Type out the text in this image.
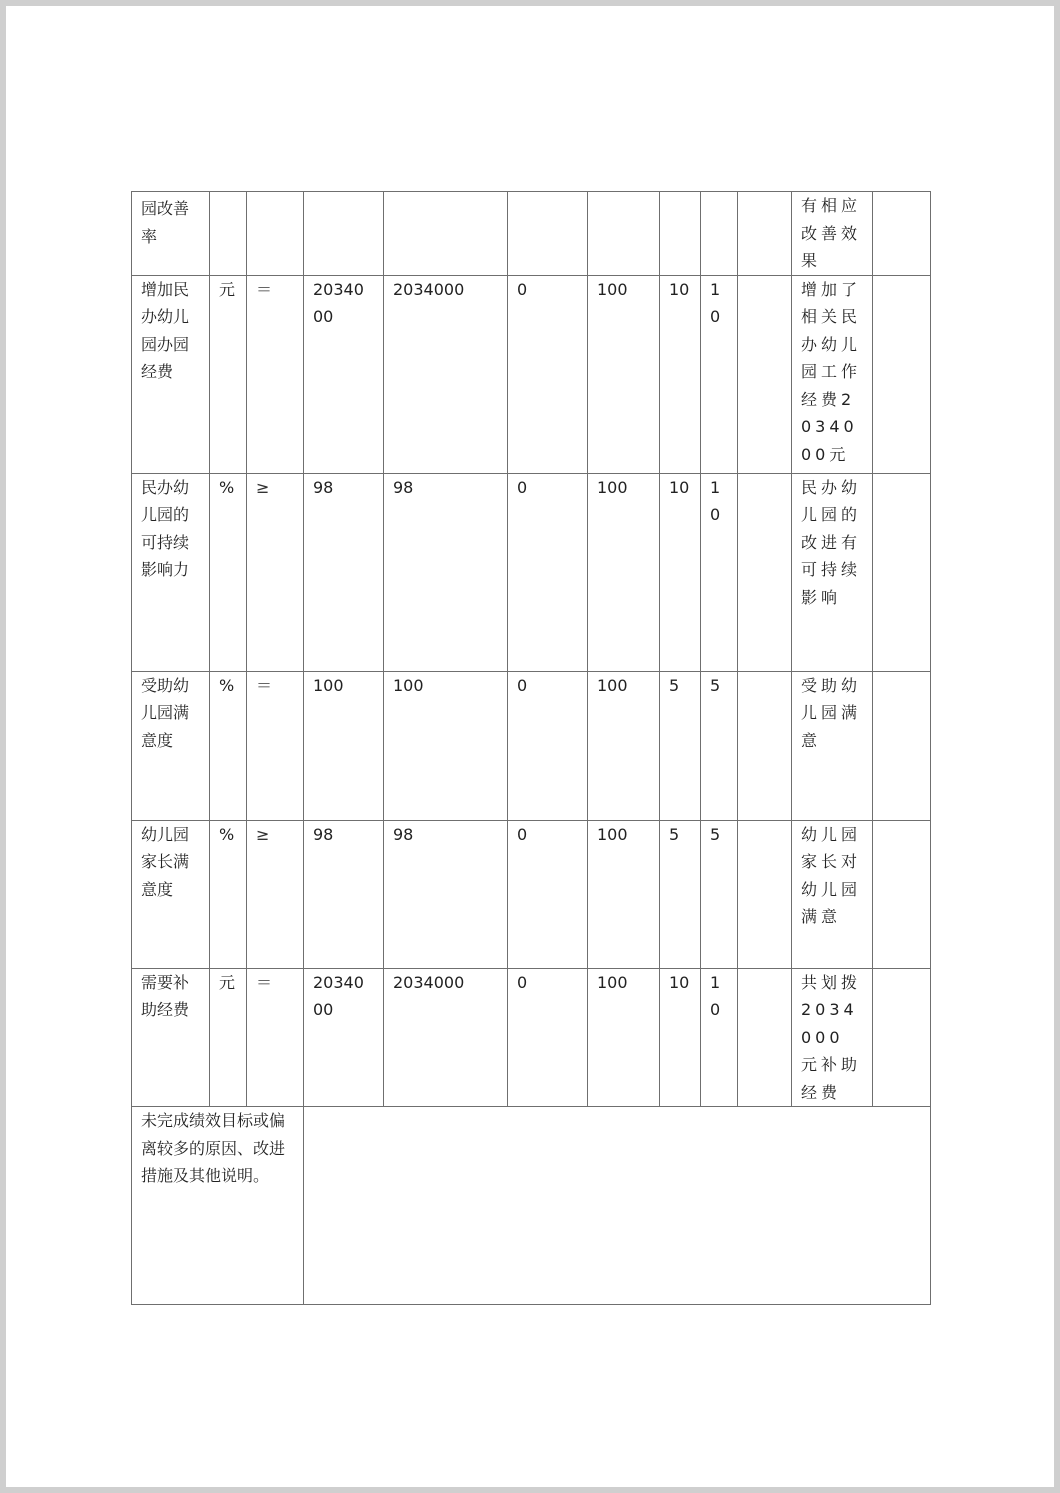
园改善率										有相应改善效果	
增加民办幼儿园办园经费	元	＝	2034000	2034000	0	100	10	10		增加了相关民办幼儿园工作经费2034000元	
民办幼儿园的可持续影响力	%	≥	98	98	0	100	10	10		民办幼儿园的改进有可持续影响	
受助幼儿园满意度	%	＝	100	100	0	100	5	5		受助幼儿园满意	
幼儿园家长满意度	%	≥	98	98	0	100	5	5		幼儿园家长对幼儿园满意	
需要补助经费	元	＝	2034000	2034000	0	100	10	10		共划拨2034000元补助经费	
未完成绩效目标或偏离较多的原因、改进措施及其他说明。											
